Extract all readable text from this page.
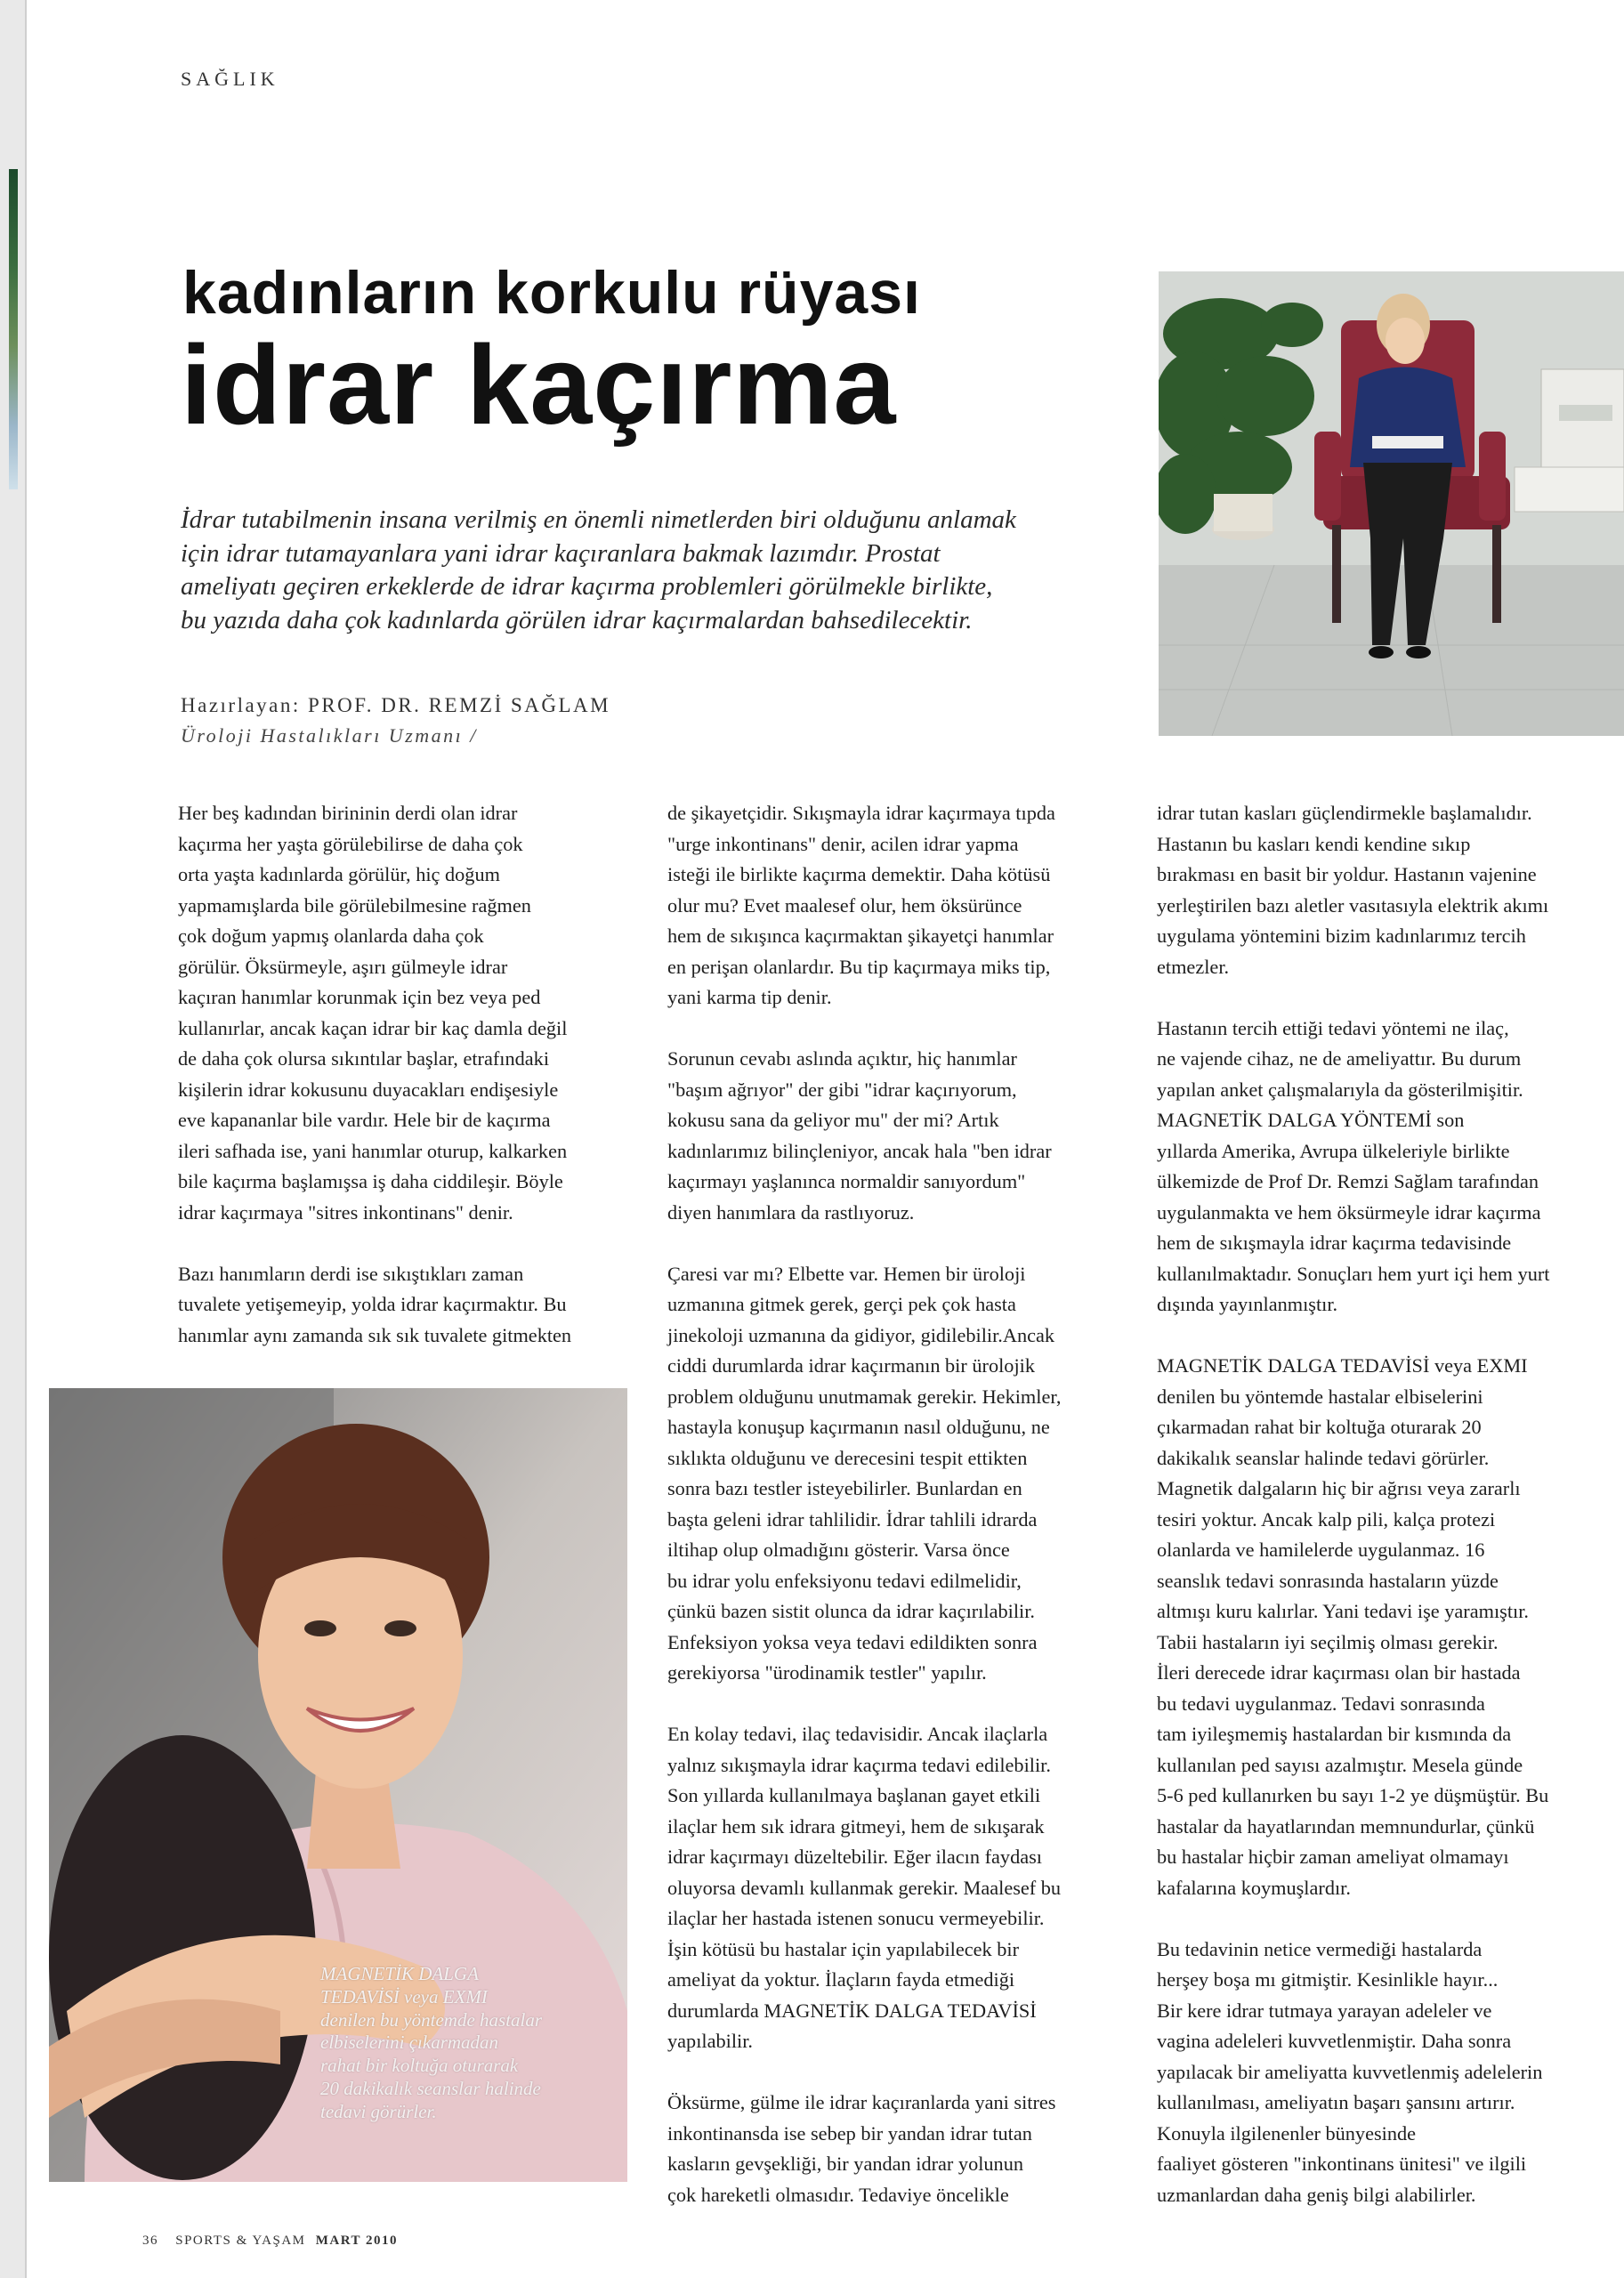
SAĞLIK
kadınların korkulu rüyası
idrar kaçırma

İdrar tutabilmenin insana verilmiş en önemli nimetlerden biri olduğunu anlamak

için idrar tutamayanlara yani idrar kaçıranlara bakmak lazımdır. Prostat

ameliyatı geçiren erkeklerde de idrar kaçırma problemleri görülmekle birlikte,

bu yazıda daha çok kadınlarda görülen idrar kaçırmalardan bahsedilecektir.

Hazırlayan: PROF. DR. REMZİ SAĞLAM
Üroloji Hastalıkları Uzmanı /

Her beş kadından birininin derdi olan idrar
kaçırma her yaşta görülebilirse de daha çok
orta yaşta kadınlarda görülür, hiç doğum
yapmamışlarda bile görülebilmesine rağmen
çok doğum yapmış olanlarda daha çok
görülür. Öksürmeyle, aşırı gülmeyle idrar
kaçıran hanımlar korunmak için bez veya ped
kullanırlar, ancak kaçan idrar bir kaç damla değil
de daha çok olursa sıkıntılar başlar, etrafındaki
kişilerin idrar kokusunu duyacakları endişesiyle
eve kapananlar bile vardır. Hele bir de kaçırma
ileri safhada ise, yani hanımlar oturup, kalkarken
bile kaçırma başlamışsa iş daha ciddileşir. Böyle
idrar kaçırmaya "sitres inkontinans" denir.

Bazı hanımların derdi ise sıkıştıkları zaman
tuvalete yetişemeyip, yolda idrar kaçırmaktır. Bu
hanımlar aynı zamanda sık sık tuvalete gitmekten

de şikayetçidir. Sıkışmayla idrar kaçırmaya tıpda
"urge inkontinans" denir, acilen idrar yapma
isteği ile birlikte kaçırma demektir. Daha kötüsü
olur mu? Evet maalesef olur, hem öksürünce
hem de sıkışınca kaçırmaktan şikayetçi hanımlar
en perişan olanlardır. Bu tip kaçırmaya miks tip,
yani karma tip denir.

Sorunun cevabı aslında açıktır, hiç hanımlar
"başım ağrıyor" der gibi "idrar kaçırıyorum,
kokusu sana da geliyor mu" der mi? Artık
kadınlarımız bilinçleniyor, ancak hala "ben idrar
kaçırmayı yaşlanınca normaldir sanıyordum"
diyen hanımlara da rastlıyoruz.

Çaresi var mı? Elbette var. Hemen bir üroloji
uzmanına gitmek gerek, gerçi pek çok hasta
jinekoloji uzmanına da gidiyor, gidilebilir.Ancak
ciddi durumlarda idrar kaçırmanın bir ürolojik
problem olduğunu unutmamak gerekir. Hekimler,
hastayla konuşup kaçırmanın nasıl olduğunu, ne
sıklıkta olduğunu ve derecesini tespit ettikten
sonra bazı testler isteyebilirler. Bunlardan en
başta geleni idrar tahlilidir. İdrar tahlili idrarda
iltihap olup olmadığını gösterir. Varsa önce
bu idrar yolu enfeksiyonu tedavi edilmelidir,
çünkü bazen sistit olunca da idrar kaçırılabilir.
Enfeksiyon yoksa veya tedavi edildikten sonra
gerekiyorsa "ürodinamik testler" yapılır.

En kolay tedavi, ilaç tedavisidir. Ancak ilaçlarla
yalnız sıkışmayla idrar kaçırma tedavi edilebilir.
Son yıllarda kullanılmaya başlanan gayet etkili
ilaçlar hem sık idrara gitmeyi, hem de sıkışarak
idrar kaçırmayı düzeltebilir. Eğer ilacın faydası
oluyorsa devamlı kullanmak gerekir. Maalesef bu
ilaçlar her hastada istenen sonucu vermeyebilir.
İşin kötüsü bu hastalar için yapılabilecek bir
ameliyat da yoktur. İlaçların fayda etmediği
durumlarda MAGNETİK DALGA TEDAVİSİ
yapılabilir.

Öksürme, gülme ile idrar kaçıranlarda yani sitres
inkontinansda ise sebep bir yandan idrar tutan
kasların gevşekliği, bir yandan idrar yolunun
çok hareketli olmasıdır. Tedaviye öncelikle

idrar tutan kasları güçlendirmekle başlamalıdır.
Hastanın bu kasları kendi kendine sıkıp
bırakması en basit bir yoldur. Hastanın vajenine
yerleştirilen bazı aletler vasıtasıyla elektrik akımı
uygulama yöntemini bizim kadınlarımız tercih
etmezler.

Hastanın tercih ettiği tedavi yöntemi ne ilaç,
ne vajende cihaz, ne de ameliyattır. Bu durum
yapılan anket çalışmalarıyla da gösterilmişitir.
MAGNETİK DALGA YÖNTEMİ son
yıllarda Amerika, Avrupa ülkeleriyle birlikte
ülkemizde de Prof Dr. Remzi Sağlam tarafından
uygulanmakta ve hem öksürmeyle idrar kaçırma
hem de sıkışmayla idrar kaçırma tedavisinde
kullanılmaktadır. Sonuçları hem yurt içi hem yurt
dışında yayınlanmıştır.

MAGNETİK DALGA TEDAVİSİ veya EXMI
denilen bu yöntemde hastalar elbiselerini
çıkarmadan rahat bir koltuğa oturarak 20
dakikalık seanslar halinde tedavi görürler.
Magnetik dalgaların hiç bir ağrısı veya zararlı
tesiri yoktur. Ancak kalp pili, kalça protezi
olanlarda ve hamilelerde uygulanmaz. 16
seanslık tedavi sonrasında hastaların yüzde
altmışı kuru kalırlar. Yani tedavi işe yaramıştır.
Tabii hastaların iyi seçilmiş olması gerekir.
İleri derecede idrar kaçırması olan bir hastada
bu tedavi uygulanmaz. Tedavi sonrasında
tam iyileşmemiş hastalardan bir kısmında da
kullanılan ped sayısı azalmıştır. Mesela günde
5-6 ped kullanırken bu sayı 1-2 ye düşmüştür. Bu
hastalar da hayatlarından memnundurlar, çünkü
bu hastalar hiçbir zaman ameliyat olmamayı
kafalarına koymuşlardır.

Bu tedavinin netice vermediği hastalarda
herşey boşa mı gitmiştir. Kesinlikle hayır...
Bir kere idrar tutmaya yarayan adeleler ve
vagina adeleleri kuvvetlenmiştir. Daha sonra
yapılacak bir ameliyatta kuvvetlenmiş adelelerin
kullanılması, ameliyatın başarı şansını artırır.
Konuyla ilgilenenler bünyesinde
faaliyet gösteren "inkontinans ünitesi" ve ilgili
uzmanlardan daha geniş bilgi alabilirler.

MAGNETİK DALGA
TEDAVİSİ veya EXMI
denilen bu yöntemde hastalar
elbiselerini çıkarmadan
rahat bir koltuğa oturarak
20 dakikalık seanslar halinde
tedavi görürler.
36 SPORTS & YAŞAM MART 2010
